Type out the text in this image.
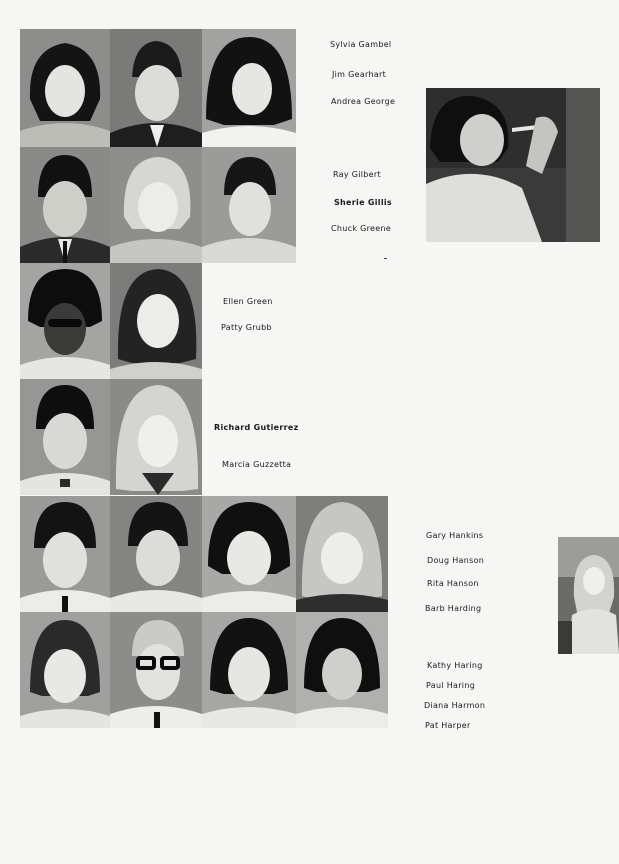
Sylvia Gambel
Jim Gearhart
Andrea George
Ray Gilbert
Sherie Gillis
Chuck Greene
Ellen Green
Patty Grubb
Richard Gutierrez
Marcia Guzzetta
Gary Hankins
Doug Hanson
Rita Hanson
Barb Harding
Kathy Haring
Paul Haring
Diana Harmon
Pat Harper
